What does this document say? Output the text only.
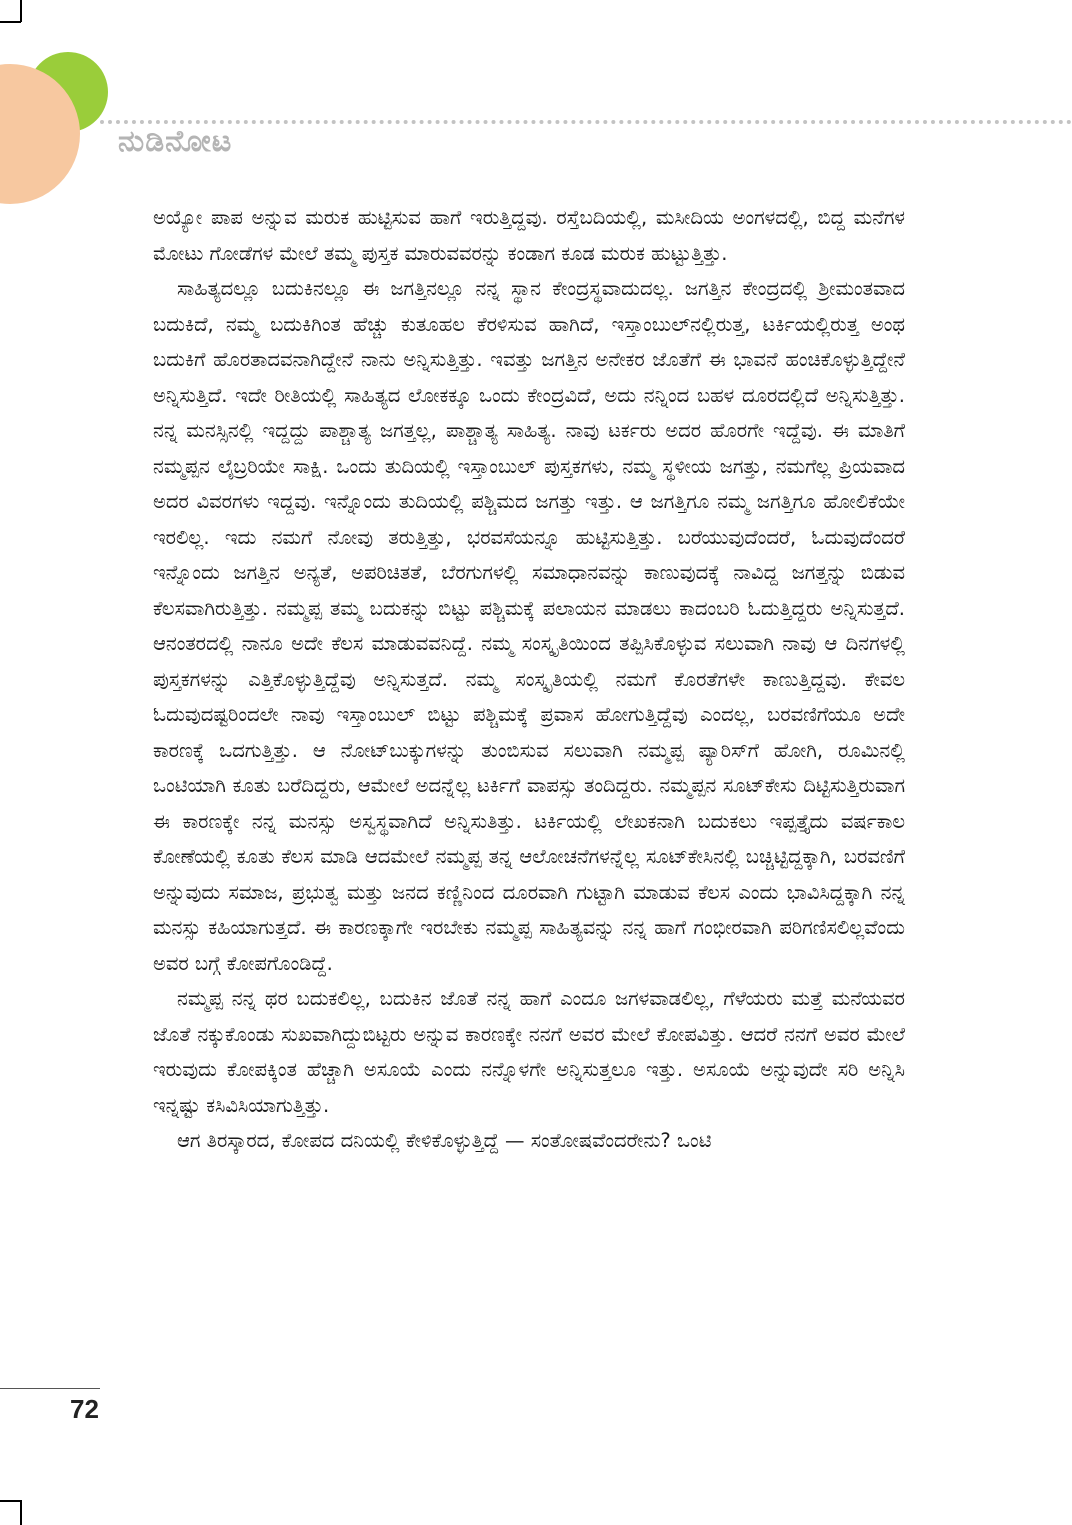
ನುಡಿನೋಟ

ಅಯ್ಯೋ ಪಾಪ ಅನ್ನುವ ಮರುಕ ಹುಟ್ಟಿಸುವ ಹಾಗೆ ಇರುತ್ತಿದ್ದವು. ರಸ್ತೆಬದಿಯಲ್ಲಿ, ಮಸೀದಿಯ ಅಂಗಳದಲ್ಲಿ, ಬಿದ್ದ ಮನೆಗಳ ಮೋಟು ಗೋಡೆಗಳ ಮೇಲೆ ತಮ್ಮ ಪುಸ್ತಕ ಮಾರುವವರನ್ನು ಕಂಡಾಗ ಕೂಡ ಮರುಕ ಹುಟ್ಟುತ್ತಿತ್ತು.

ಸಾಹಿತ್ಯದಲ್ಲೂ ಬದುಕಿನಲ್ಲೂ ಈ ಜಗತ್ತಿನಲ್ಲೂ ನನ್ನ ಸ್ಥಾನ ಕೇಂದ್ರಸ್ಥವಾದುದಲ್ಲ. ಜಗತ್ತಿನ ಕೇಂದ್ರದಲ್ಲಿ ಶ್ರೀಮಂತವಾದ ಬದುಕಿದೆ, ನಮ್ಮ ಬದುಕಿಗಿಂತ ಹೆಚ್ಚು ಕುತೂಹಲ ಕೆರಳಿಸುವ ಹಾಗಿದೆ, ಇಸ್ತಾಂಬುಲ್‌ನಲ್ಲಿರುತ್ತ, ಟರ್ಕಿಯಲ್ಲಿರುತ್ತ ಅಂಥ ಬದುಕಿಗೆ ಹೊರತಾದವನಾಗಿದ್ದೇನೆ ನಾನು ಅನ್ನಿಸುತ್ತಿತ್ತು. ಇವತ್ತು ಜಗತ್ತಿನ ಅನೇಕರ ಜೊತೆಗೆ ಈ ಭಾವನೆ ಹಂಚಿಕೊಳ್ಳುತ್ತಿದ್ದೇನೆ ಅನ್ನಿಸುತ್ತಿದೆ. ಇದೇ ರೀತಿಯಲ್ಲಿ ಸಾಹಿತ್ಯದ ಲೋಕಕ್ಕೂ ಒಂದು ಕೇಂದ್ರವಿದೆ, ಅದು ನನ್ನಿಂದ ಬಹಳ ದೂರದಲ್ಲಿದೆ ಅನ್ನಿಸುತ್ತಿತ್ತು. ನನ್ನ ಮನಸ್ಸಿನಲ್ಲಿ ಇದ್ದದ್ದು ಪಾಶ್ಚಾತ್ಯ ಜಗತ್ತಲ್ಲ, ಪಾಶ್ಚಾತ್ಯ ಸಾಹಿತ್ಯ. ನಾವು ಟರ್ಕರು ಅದರ ಹೊರಗೇ ಇದ್ದೆವು. ಈ ಮಾತಿಗೆ ನಮ್ಮಪ್ಪನ ಲೈಬ್ರರಿಯೇ ಸಾಕ್ಷಿ. ಒಂದು ತುದಿಯಲ್ಲಿ ಇಸ್ತಾಂಬುಲ್ ಪುಸ್ತಕಗಳು, ನಮ್ಮ ಸ್ಥಳೀಯ ಜಗತ್ತು, ನಮಗೆಲ್ಲ ಪ್ರಿಯವಾದ ಅದರ ವಿವರಗಳು ಇದ್ದವು. ಇನ್ನೊಂದು ತುದಿಯಲ್ಲಿ ಪಶ್ಚಿಮದ ಜಗತ್ತು ಇತ್ತು. ಆ ಜಗತ್ತಿಗೂ ನಮ್ಮ ಜಗತ್ತಿಗೂ ಹೋಲಿಕೆಯೇ ಇರಲಿಲ್ಲ. ಇದು ನಮಗೆ ನೋವು ತರುತ್ತಿತ್ತು, ಭರವಸೆಯನ್ನೂ ಹುಟ್ಟಿಸುತ್ತಿತ್ತು. ಬರೆಯುವುದೆಂದರೆ, ಓದುವುದೆಂದರೆ ಇನ್ನೊಂದು ಜಗತ್ತಿನ ಅನ್ಯತೆ, ಅಪರಿಚಿತತೆ, ಬೆರಗುಗಳಲ್ಲಿ ಸಮಾಧಾನವನ್ನು ಕಾಣುವುದಕ್ಕೆ ನಾವಿದ್ದ ಜಗತ್ತನ್ನು ಬಿಡುವ ಕೆಲಸವಾಗಿರುತ್ತಿತ್ತು. ನಮ್ಮಪ್ಪ ತಮ್ಮ ಬದುಕನ್ನು ಬಿಟ್ಟು ಪಶ್ಚಿಮಕ್ಕೆ ಪಲಾಯನ ಮಾಡಲು ಕಾದಂಬರಿ ಓದುತ್ತಿದ್ದರು ಅನ್ನಿಸುತ್ತದೆ. ಆನಂತರದಲ್ಲಿ ನಾನೂ ಅದೇ ಕೆಲಸ ಮಾಡುವವನಿದ್ದೆ. ನಮ್ಮ ಸಂಸ್ಕೃತಿಯಿಂದ ತಪ್ಪಿಸಿಕೊಳ್ಳುವ ಸಲುವಾಗಿ ನಾವು ಆ ದಿನಗಳಲ್ಲಿ ಪುಸ್ತಕಗಳನ್ನು ಎತ್ತಿಕೊಳ್ಳುತ್ತಿದ್ದೆವು ಅನ್ನಿಸುತ್ತದೆ. ನಮ್ಮ ಸಂಸ್ಕೃತಿಯಲ್ಲಿ ನಮಗೆ ಕೊರತೆಗಳೇ ಕಾಣುತ್ತಿದ್ದವು. ಕೇವಲ ಓದುವುದಷ್ಟರಿಂದಲೇ ನಾವು ಇಸ್ತಾಂಬುಲ್ ಬಿಟ್ಟು ಪಶ್ಚಿಮಕ್ಕೆ ಪ್ರವಾಸ ಹೋಗುತ್ತಿದ್ದೆವು ಎಂದಲ್ಲ, ಬರವಣಿಗೆಯೂ ಅದೇ ಕಾರಣಕ್ಕೆ ಒದಗುತ್ತಿತ್ತು. ಆ ನೋಟ್‌ಬುಕ್ಕುಗಳನ್ನು ತುಂಬಿಸುವ ಸಲುವಾಗಿ ನಮ್ಮಪ್ಪ ಪ್ಯಾರಿಸ್‌ಗೆ ಹೋಗಿ, ರೂಮಿನಲ್ಲಿ ಒಂಟಿಯಾಗಿ ಕೂತು ಬರೆದಿದ್ದರು, ಆಮೇಲೆ ಅದನ್ನೆಲ್ಲ ಟರ್ಕಿಗೆ ವಾಪಸ್ಸು ತಂದಿದ್ದರು. ನಮ್ಮಪ್ಪನ ಸೂಟ್‌ಕೇಸು ದಿಟ್ಟಿಸುತ್ತಿರುವಾಗ ಈ ಕಾರಣಕ್ಕೇ ನನ್ನ ಮನಸ್ಸು ಅಸ್ವಸ್ಥವಾಗಿದೆ ಅನ್ನಿಸುತಿತ್ತು. ಟರ್ಕಿಯಲ್ಲಿ ಲೇಖಕನಾಗಿ ಬದುಕಲು ಇಪ್ಪತ್ತೈದು ವರ್ಷಕಾಲ ಕೋಣೆಯಲ್ಲಿ ಕೂತು ಕೆಲಸ ಮಾಡಿ ಆದಮೇಲೆ ನಮ್ಮಪ್ಪ ತನ್ನ ಆಲೋಚನೆಗಳನ್ನೆಲ್ಲ ಸೂಟ್‌ಕೇಸಿನಲ್ಲಿ ಬಚ್ಚಿಟ್ಟಿದ್ದಕ್ಕಾಗಿ, ಬರವಣಿಗೆ ಅನ್ನುವುದು ಸಮಾಜ, ಪ್ರಭುತ್ವ ಮತ್ತು ಜನದ ಕಣ್ಣಿನಿಂದ ದೂರವಾಗಿ ಗುಟ್ಟಾಗಿ ಮಾಡುವ ಕೆಲಸ ಎಂದು ಭಾವಿಸಿದ್ದಕ್ಕಾಗಿ ನನ್ನ ಮನಸ್ಸು ಕಹಿಯಾಗುತ್ತದೆ. ಈ ಕಾರಣಕ್ಕಾಗೇ ಇರಬೇಕು ನಮ್ಮಪ್ಪ ಸಾಹಿತ್ಯವನ್ನು ನನ್ನ ಹಾಗೆ ಗಂಭೀರವಾಗಿ ಪರಿಗಣಿಸಲಿಲ್ಲವೆಂದು ಅವರ ಬಗ್ಗೆ ಕೋಪಗೊಂಡಿದ್ದೆ.

ನಮ್ಮಪ್ಪ ನನ್ನ ಥರ ಬದುಕಲಿಲ್ಲ, ಬದುಕಿನ ಜೊತೆ ನನ್ನ ಹಾಗೆ ಎಂದೂ ಜಗಳವಾಡಲಿಲ್ಲ, ಗೆಳೆಯರು ಮತ್ತೆ ಮನೆಯವರ ಜೊತೆ ನಕ್ಕುಕೊಂಡು ಸುಖವಾಗಿದ್ದುಬಿಟ್ಟರು ಅನ್ನುವ ಕಾರಣಕ್ಕೇ ನನಗೆ ಅವರ ಮೇಲೆ ಕೋಪವಿತ್ತು. ಆದರೆ ನನಗೆ ಅವರ ಮೇಲೆ ಇರುವುದು ಕೋಪಕ್ಕಿಂತ ಹೆಚ್ಚಾಗಿ ಅಸೂಯೆ ಎಂದು ನನ್ನೊಳಗೇ ಅನ್ನಿಸುತ್ತಲೂ ಇತ್ತು. ಅಸೂಯೆ ಅನ್ನುವುದೇ ಸರಿ ಅನ್ನಿಸಿ ಇನ್ನಷ್ಟು ಕಸಿವಿಸಿಯಾಗುತ್ತಿತ್ತು.

ಆಗ ತಿರಸ್ಕಾರದ, ಕೋಪದ ದನಿಯಲ್ಲಿ ಕೇಳಿಕೊಳ್ಳುತ್ತಿದ್ದೆ — ಸಂತೋಷವೆಂದರೇನು? ಒಂಟಿ

72
